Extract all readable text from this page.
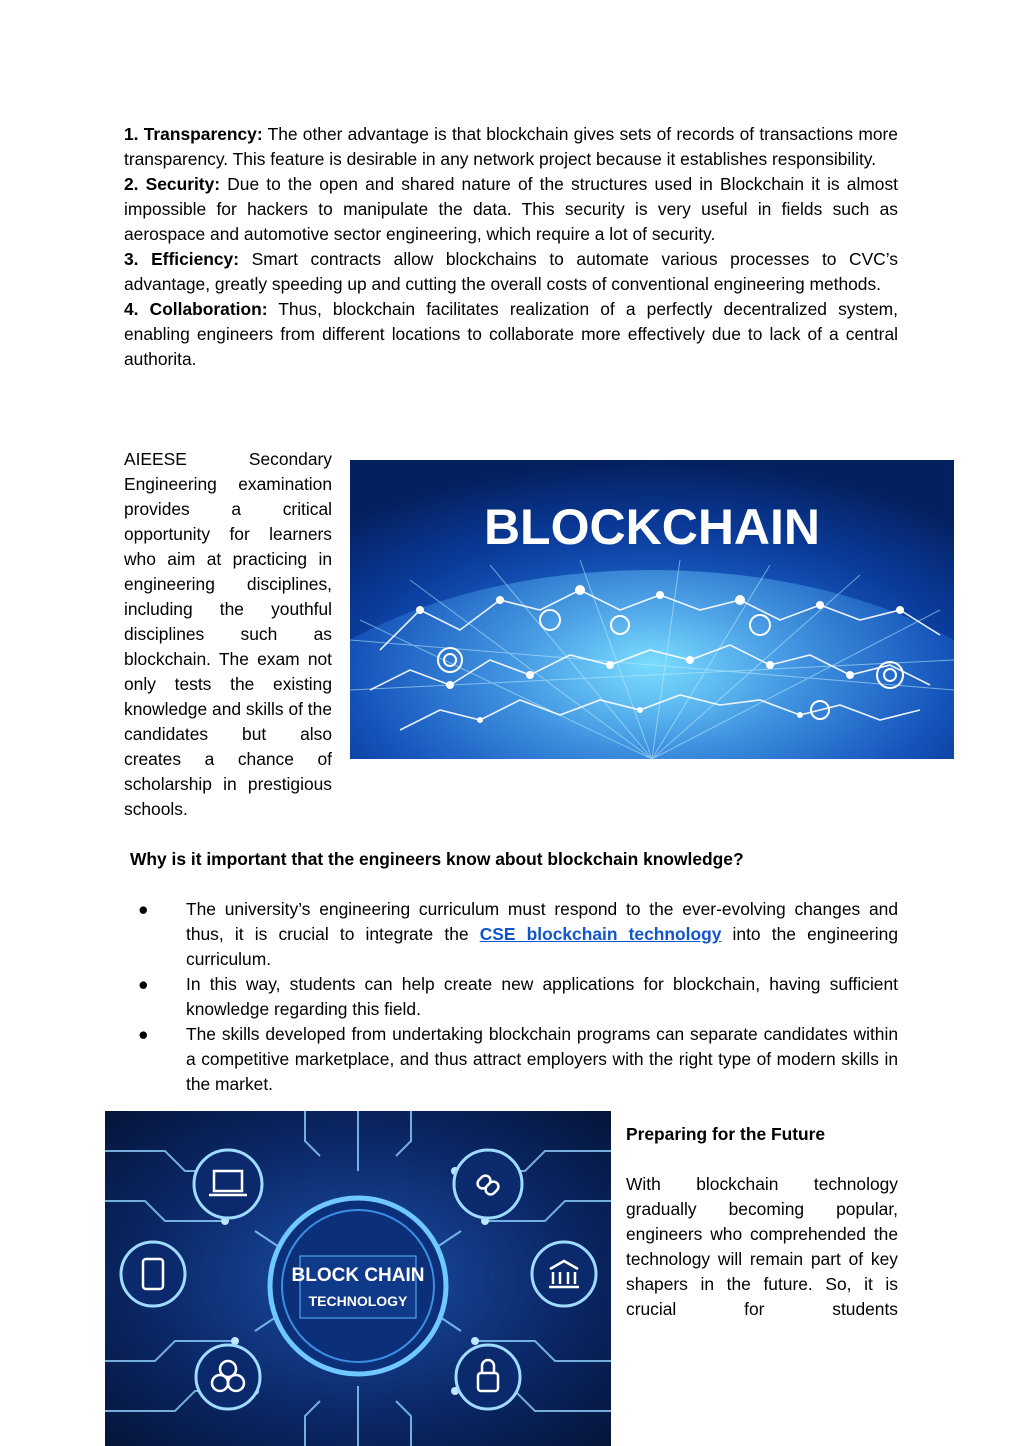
1. Transparency: The other advantage is that blockchain gives sets of records of transactions more transparency. This feature is desirable in any network project because it establishes responsibility.

2. Security: Due to the open and shared nature of the structures used in Blockchain it is almost impossible for hackers to manipulate the data. This security is very useful in fields such as aerospace and automotive sector engineering, which require a lot of security.

3. Efficiency: Smart contracts allow blockchains to automate various processes to CVC’s advantage, greatly speeding up and cutting the overall costs of conventional engineering methods.

4. Collaboration: Thus, blockchain facilitates realization of a perfectly decentralized system, enabling engineers from different locations to collaborate more effectively due to lack of a central authorita.

AIEESE Secondary Engineering examination provides a critical opportunity for learners who aim at practicing in engineering disciplines, including the youthful disciplines such as blockchain. The exam not only tests the existing knowledge and skills of the candidates but also creates a chance of scholarship in prestigious schools.

BLOCKCHAIN
Why is it important that the engineers know about blockchain knowledge?
● The university’s engineering curriculum must respond to the ever-evolving changes and thus, it is crucial to integrate the CSE blockchain technology into the engineering curriculum.
● In this way, students can help create new applications for blockchain, having sufficient knowledge regarding this field.
● The skills developed from undertaking blockchain programs can separate candidates within a competitive marketplace, and thus attract employers with the right type of modern skills in the market.
BLOCK CHAIN
TECHNOLOGY
Preparing for the Future

With blockchain technology gradually becoming popular, engineers who comprehended the technology will remain part of key shapers in the future. So, it is crucial for students
